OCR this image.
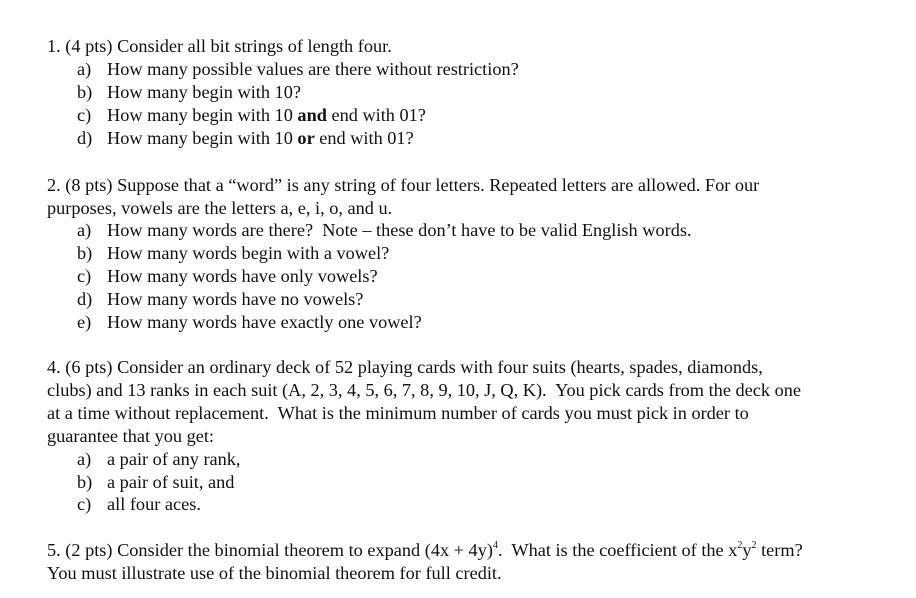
1. (4 pts) Consider all bit strings of length four.
a) How many possible values are there without restriction?
b) How many begin with 10?
c) How many begin with 10 and end with 01?
d) How many begin with 10 or end with 01?
2. (8 pts) Suppose that a “word” is any string of four letters. Repeated letters are allowed. For our
purposes, vowels are the letters a, e, i, o, and u.
a) How many words are there?  Note – these don’t have to be valid English words.
b) How many words begin with a vowel?
c) How many words have only vowels?
d) How many words have no vowels?
e) How many words have exactly one vowel?
4. (6 pts) Consider an ordinary deck of 52 playing cards with four suits (hearts, spades, diamonds,
clubs) and 13 ranks in each suit (A, 2, 3, 4, 5, 6, 7, 8, 9, 10, J, Q, K).  You pick cards from the deck one
at a time without replacement.  What is the minimum number of cards you must pick in order to
guarantee that you get:
a) a pair of any rank,
b) a pair of suit, and
c) all four aces.
5. (2 pts) Consider the binomial theorem to expand $(4x + 4y)^4$.  What is the coefficient of the $x^2y^2$ term?
You must illustrate use of the binomial theorem for full credit.
